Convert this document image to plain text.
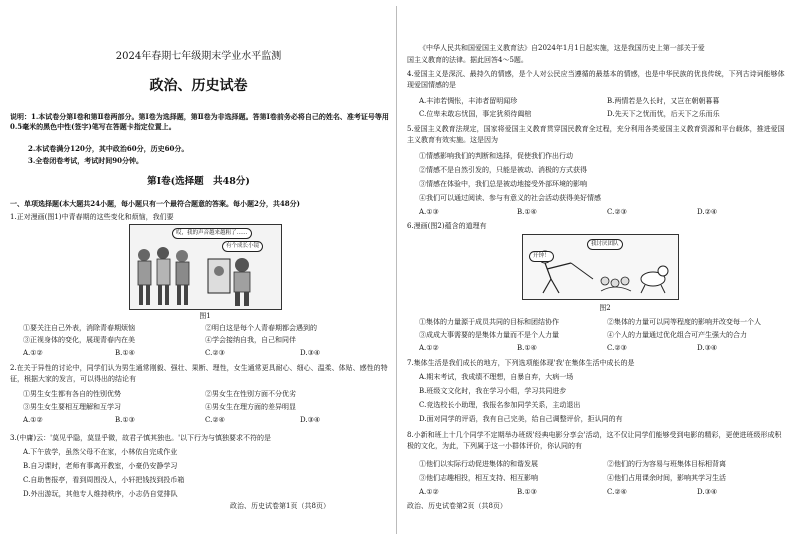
2024年春期七年级期末学业水平监测
政治、历史试卷
说明：1.本试卷分第Ⅰ卷和第Ⅱ卷两部分。第Ⅰ卷为选择题，第Ⅱ卷为非选择题。答第Ⅰ卷前务必将自己的姓名、准考证号等用0.5毫米的黑色中性(签字)笔写在答题卡指定位置上。
2.本试卷满分120分，其中政治60分，历史60分。
3.全卷闭卷考试，考试时间90分钟。
第Ⅰ卷(选择题　共48分)
一、单项选择题(本大题共24小题，每小题只有一个最符合题意的答案。每小题2分，共48分)
1.正对漫画(图1)中青春期的这些变化和烦恼，我们要
哎，我的声音越来越粗了……
有个成长小镜
图1
①要关注自己外表，消除青春期烦恼	②明白这是每个人青春期都会遇到的
③正视身体的变化，展现青春内在美	④学会接纳自我，自己和同伴
A.①②	B.①④	C.②③	D.③④
2.在关于异性的讨论中，同学们认为男生通常刚毅、强壮、果断、理性，女生通常更具耐心、细心、温柔、体贴、感性的特征，根据大家的发言，可以得出的结论有
①男生女生都有各自的性别优势	②男女生在性别方面不分优劣
③男生女生要相互理解和互学习	④男女生在理方面的差异明显
A.①②	B.①③	C.②④	D.③④
3.(中庸)云：'莫见乎隐，莫显乎微，故君子慎其独也。'以下行为与慎独要求不符的是
A.下午放学，虽然父母不在家，小林依自完成作业
B.自习课时，老师有事离开教室，小豪仍安静学习
C.自助售报亭，看到周围没人，小轩把钱找到投币箱
D.外出游玩，其他专人维持秩序，小志仍自觉排队
政治、历史试卷第1页（共8页）
《中华人民共和国爱国主义教育法》自2024年1月1日起实施，这是我国历史上第一部关于爱
国主义教育的法律。据此回答4～5题。
4.爱国主义是深沉、最持久的情感，是个人对公民应当遵循的最基本的情感，也是中华民族的优良传统，下列古诗词能够体现爱国情感的是
A.丰沛若惆怅，丰沛者留明闻珍	B.两情若是久长时，又岂在朝朝暮暮
C.位卑未敢忘忧国，事定犹须待阖棺	D.先天下之忧而忧，后天下之乐而乐
5.爱国主义教育法规定，国家将爱国主义教育贯穿国民教育全过程，充分利用各类爱国主义教育资源和平台载体，推进爱国主义教育有效实施。这是因为
①情感影响我们的判断和选择，促使我们作出行动
②情感不是自然引发的，只能是被动、消极的方式获得
③情感在体验中，我们总是被动地接受外部环境的影响
④我们可以通过阅读、参与有意义的社会活动获得美好情感
A.①③	B.①④	C.②③	D.②④
6.漫画(图2)蕴含的道理有
开钟！
我讨厌团队
图2
①集体的力量源于成员共同的目标和团结协作	②集体的力量可以同等程度的影响并改变每一个人
③成成大事需要的是集体力量而不是个人力量	④个人的力量通过优化组合可产生强大的合力
A.①②	B.①④	C.②③	D.③④
7.集体生活是我们成长的地方，下列选项能体现'我'在集体生活中成长的是
A.期末考试，我成绩不理想，自暴自弃，大病一场
B.班级文文化时，我在学习小组，学习共同进步
C.竞选校长小助理，我报名参加同学关系，主动退出
D.面对同学的评语，我有自己完美，给自己调整评价，拒认同的有
8.小新和班上十几个同学不定期举办班级'经典电影分享会'活动，这不仅让同学们能够受到电影的精彩，更使进班级形成积极的文化，为此，下列属于这一小群体评价，你认同的有
①他们以实际行动促进集体的和谐发展	②他们的行为容易与班集体目标相背离
③他们志趣相投，相互支持、相互影响	④他们占用课余时间，影响其学习生活
A.①②	B.①③	C.②④	D.③④
政治、历史试卷第2页（共8页）
